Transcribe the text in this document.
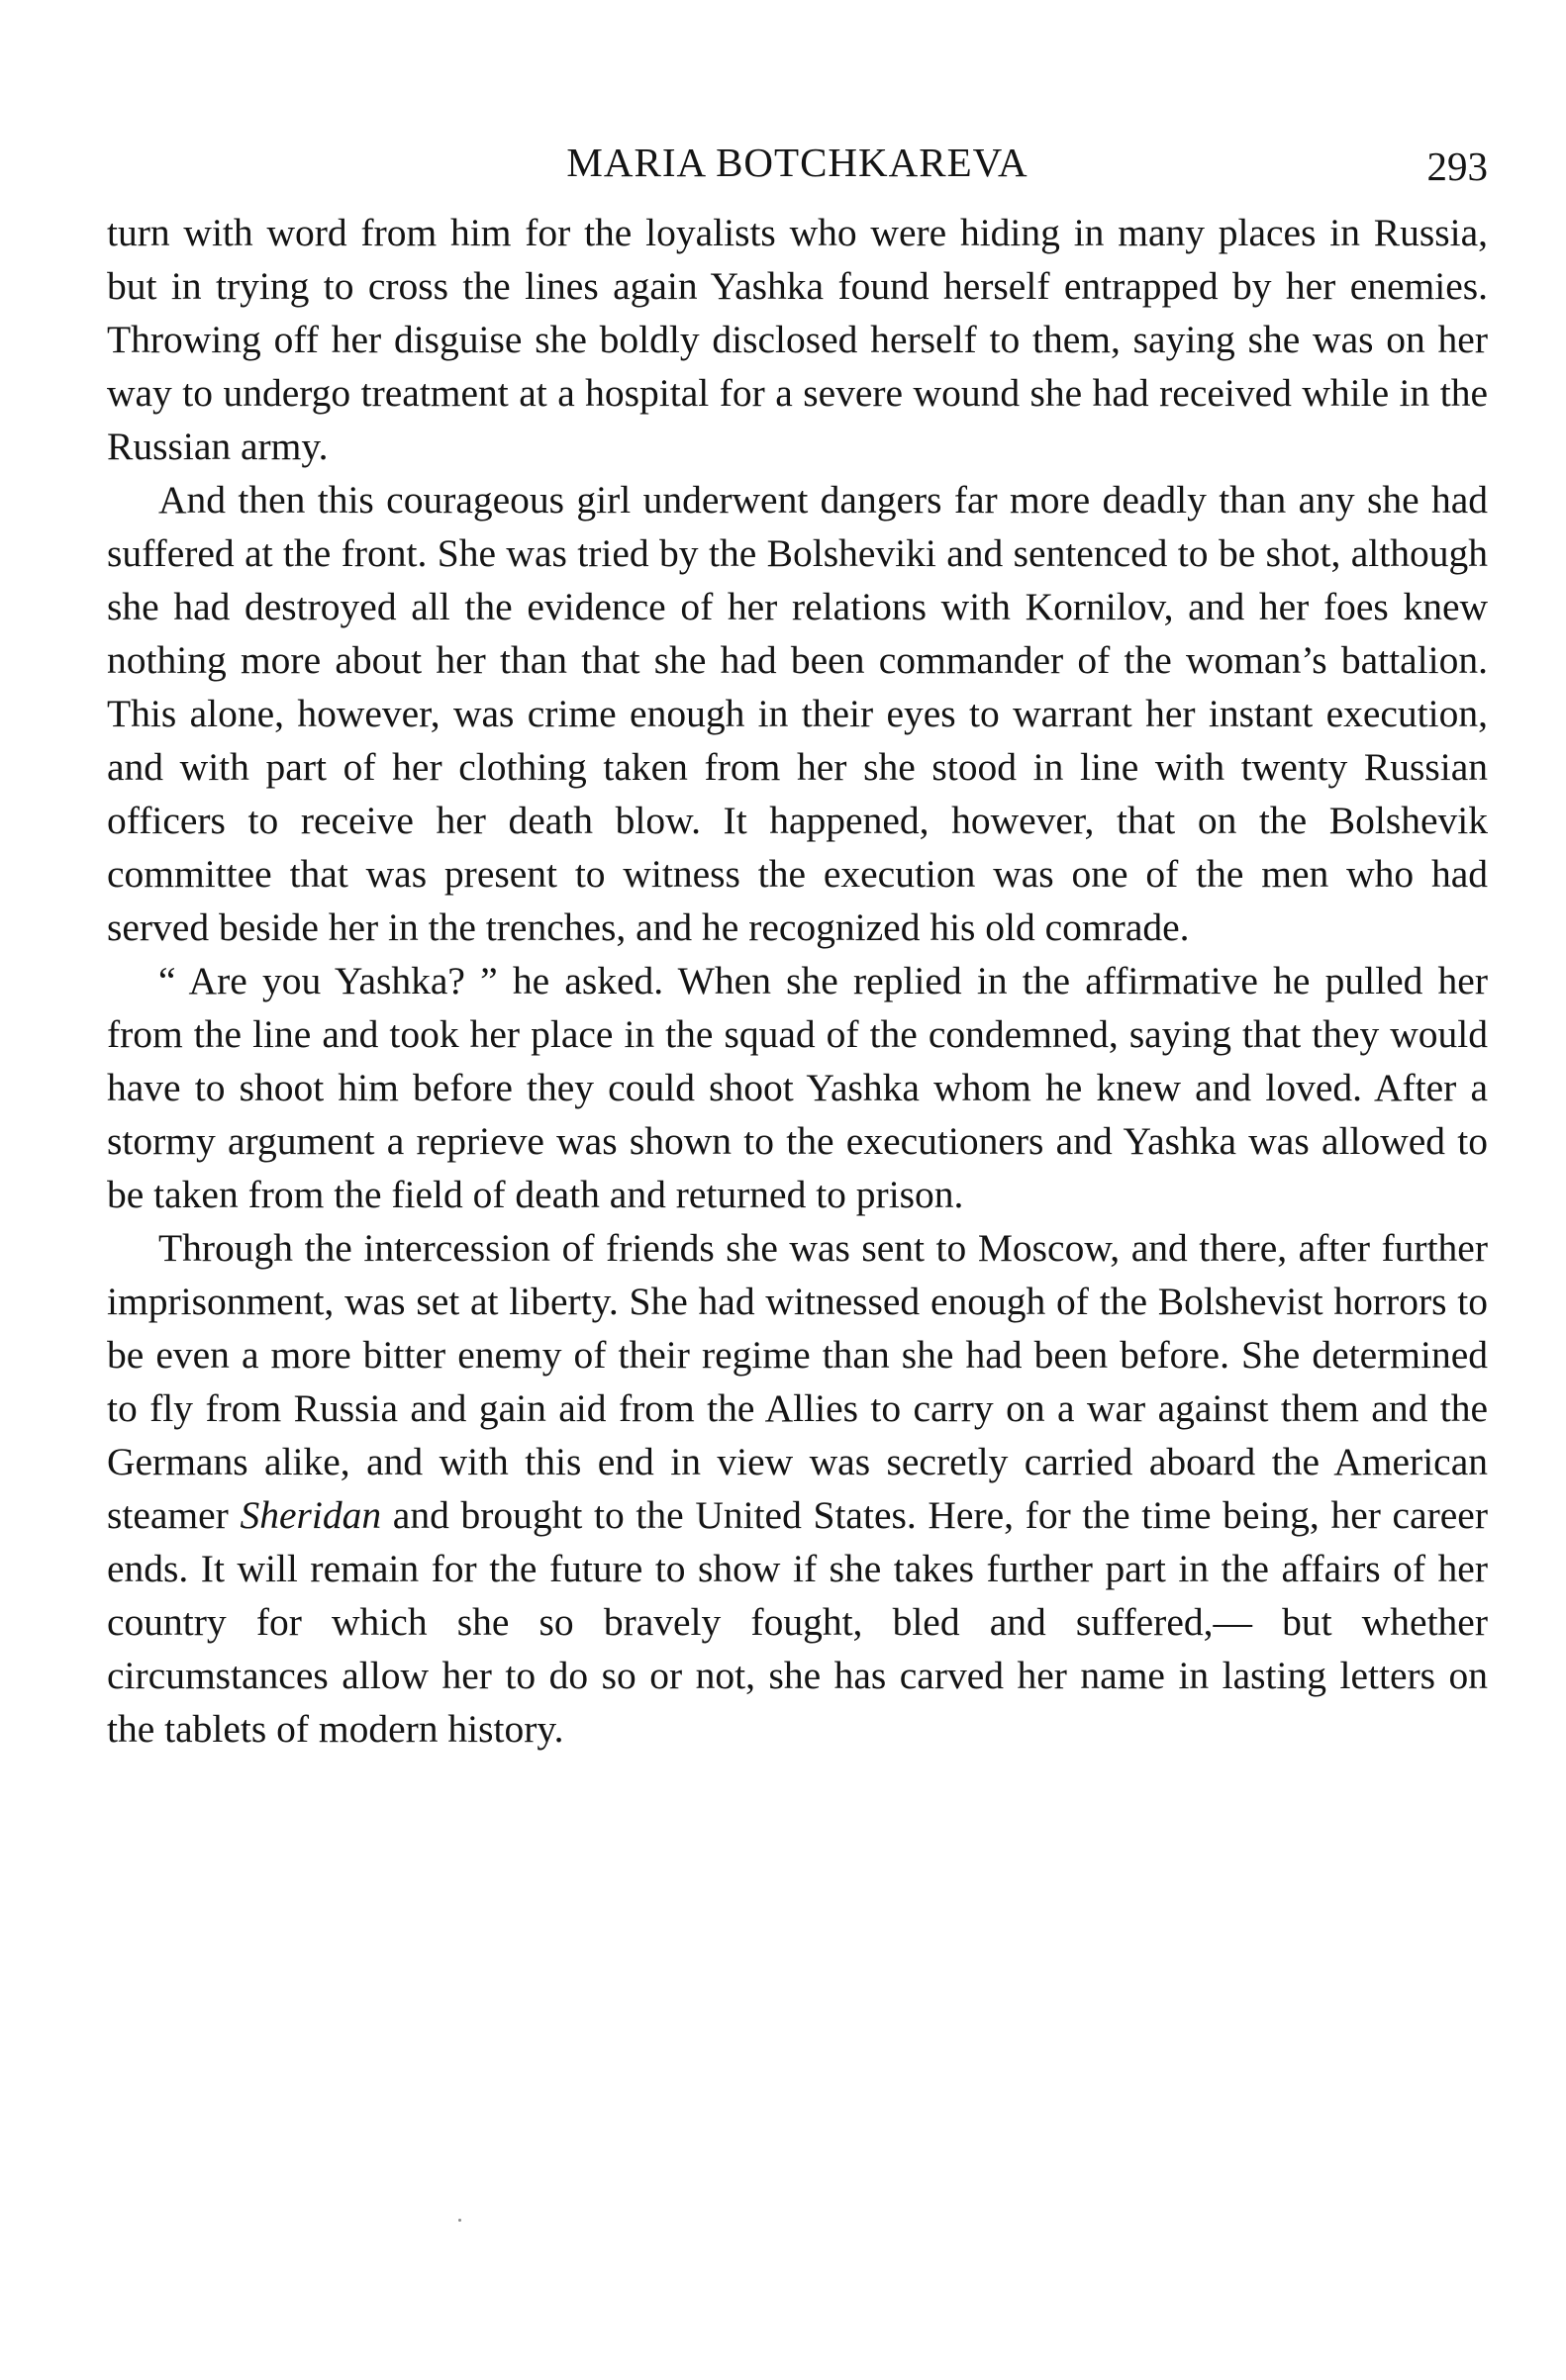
MARIA BOTCHKAREVA	293

turn with word from him for the loyalists who were hiding in many places in Russia, but in trying to cross the lines again Yashka found herself entrapped by her enemies. Throwing off her disguise she boldly disclosed herself to them, saying she was on her way to undergo treatment at a hospital for a severe wound she had received while in the Russian army.

And then this courageous girl underwent dangers far more deadly than any she had suffered at the front. She was tried by the Bolsheviki and sentenced to be shot, although she had destroyed all the evidence of her relations with Kornilov, and her foes knew nothing more about her than that she had been commander of the woman’s battalion. This alone, however, was crime enough in their eyes to warrant her instant execution, and with part of her clothing taken from her she stood in line with twenty Russian officers to receive her death blow. It happened, however, that on the Bolshevik committee that was present to witness the execution was one of the men who had served beside her in the trenches, and he recognized his old comrade.

“ Are you Yashka? ” he asked. When she replied in the affirmative he pulled her from the line and took her place in the squad of the condemned, saying that they would have to shoot him before they could shoot Yashka whom he knew and loved. After a stormy argument a reprieve was shown to the executioners and Yashka was allowed to be taken from the field of death and returned to prison.

Through the intercession of friends she was sent to Moscow, and there, after further imprisonment, was set at liberty. She had witnessed enough of the Bolshevist horrors to be even a more bitter enemy of their regime than she had been before. She determined to fly from Russia and gain aid from the Allies to carry on a war against them and the Germans alike, and with this end in view was secretly carried aboard the American steamer Sheridan and brought to the United States. Here, for the time being, her career ends. It will remain for the future to show if she takes further part in the affairs of her country for which she so bravely fought, bled and suffered,— but whether circumstances allow her to do so or not, she has carved her name in lasting letters on the tablets of modern history.
